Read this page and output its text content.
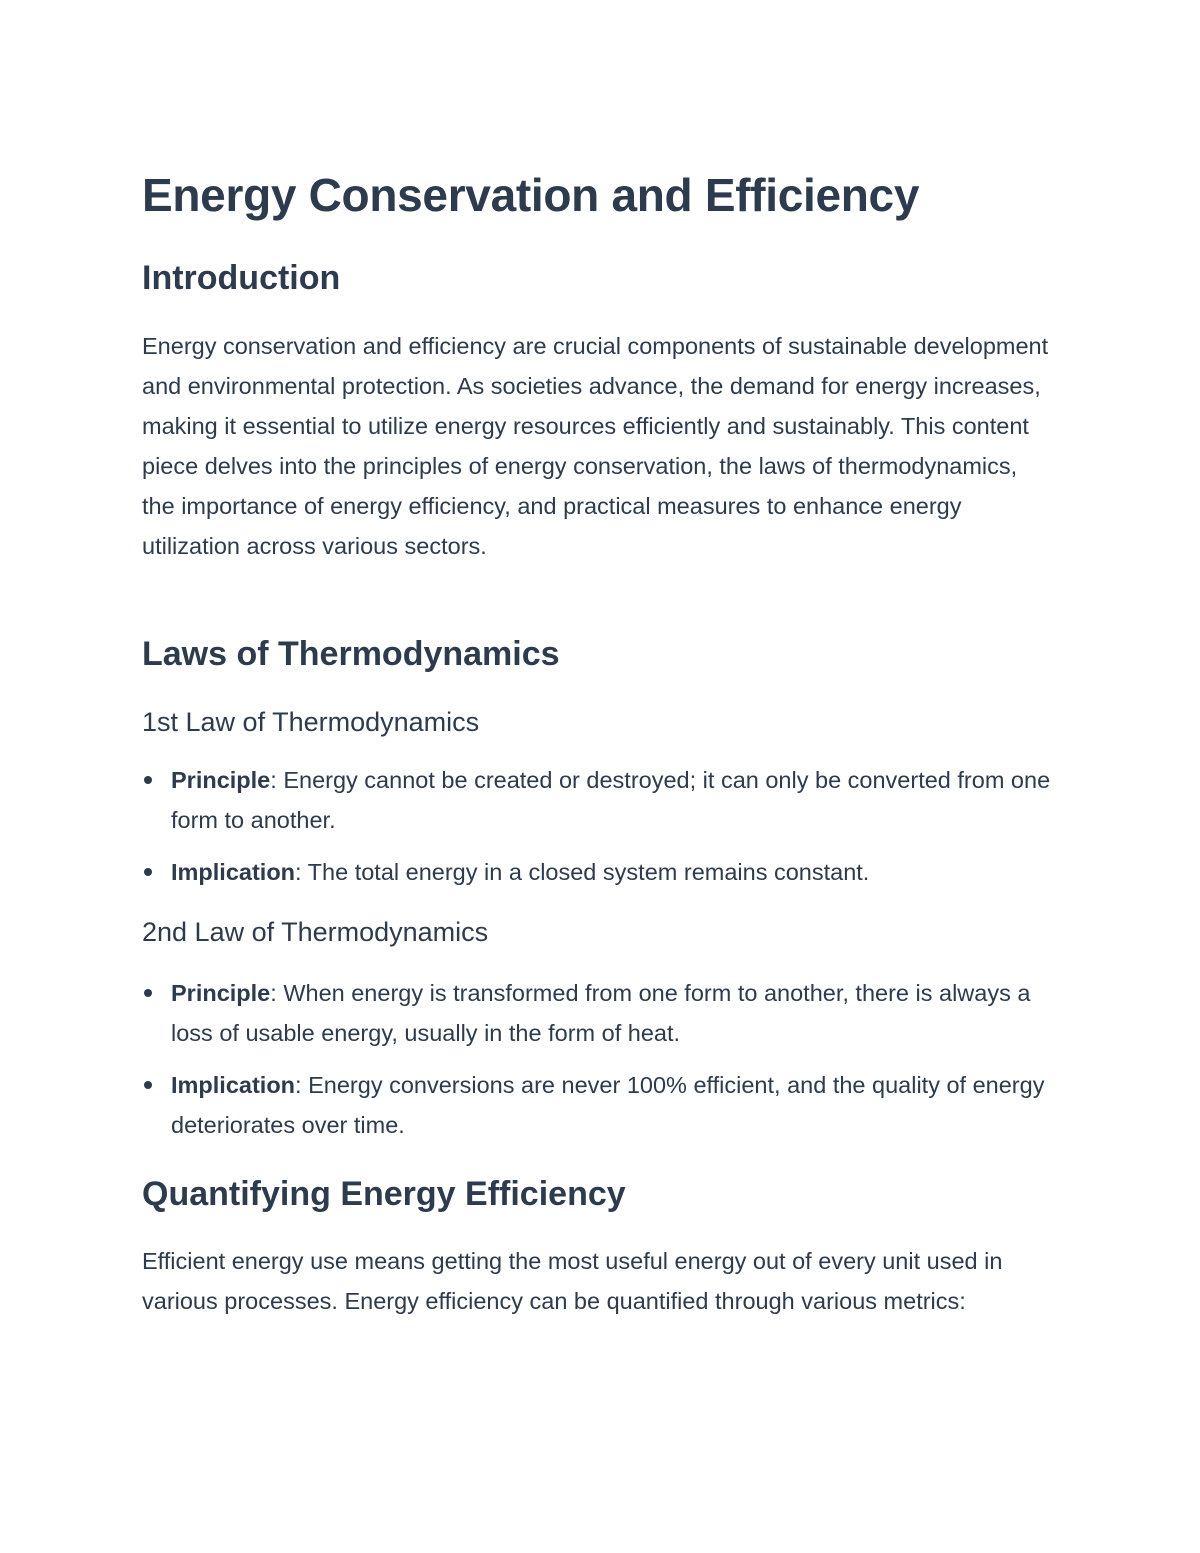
Energy Conservation and Efficiency
Introduction

Energy conservation and efficiency are crucial components of sustainable development and environmental protection. As societies advance, the demand for energy increases, making it essential to utilize energy resources efficiently and sustainably. This content piece delves into the principles of energy conservation, the laws of thermodynamics, the importance of energy efficiency, and practical measures to enhance energy utilization across various sectors.

Laws of Thermodynamics
1st Law of Thermodynamics
Principle: Energy cannot be created or destroyed; it can only be converted from one form to another.
Implication: The total energy in a closed system remains constant.
2nd Law of Thermodynamics
Principle: When energy is transformed from one form to another, there is always a loss of usable energy, usually in the form of heat.
Implication: Energy conversions are never 100% efficient, and the quality of energy deteriorates over time.
Quantifying Energy Efficiency

Efficient energy use means getting the most useful energy out of every unit used in various processes. Energy efficiency can be quantified through various metrics:
